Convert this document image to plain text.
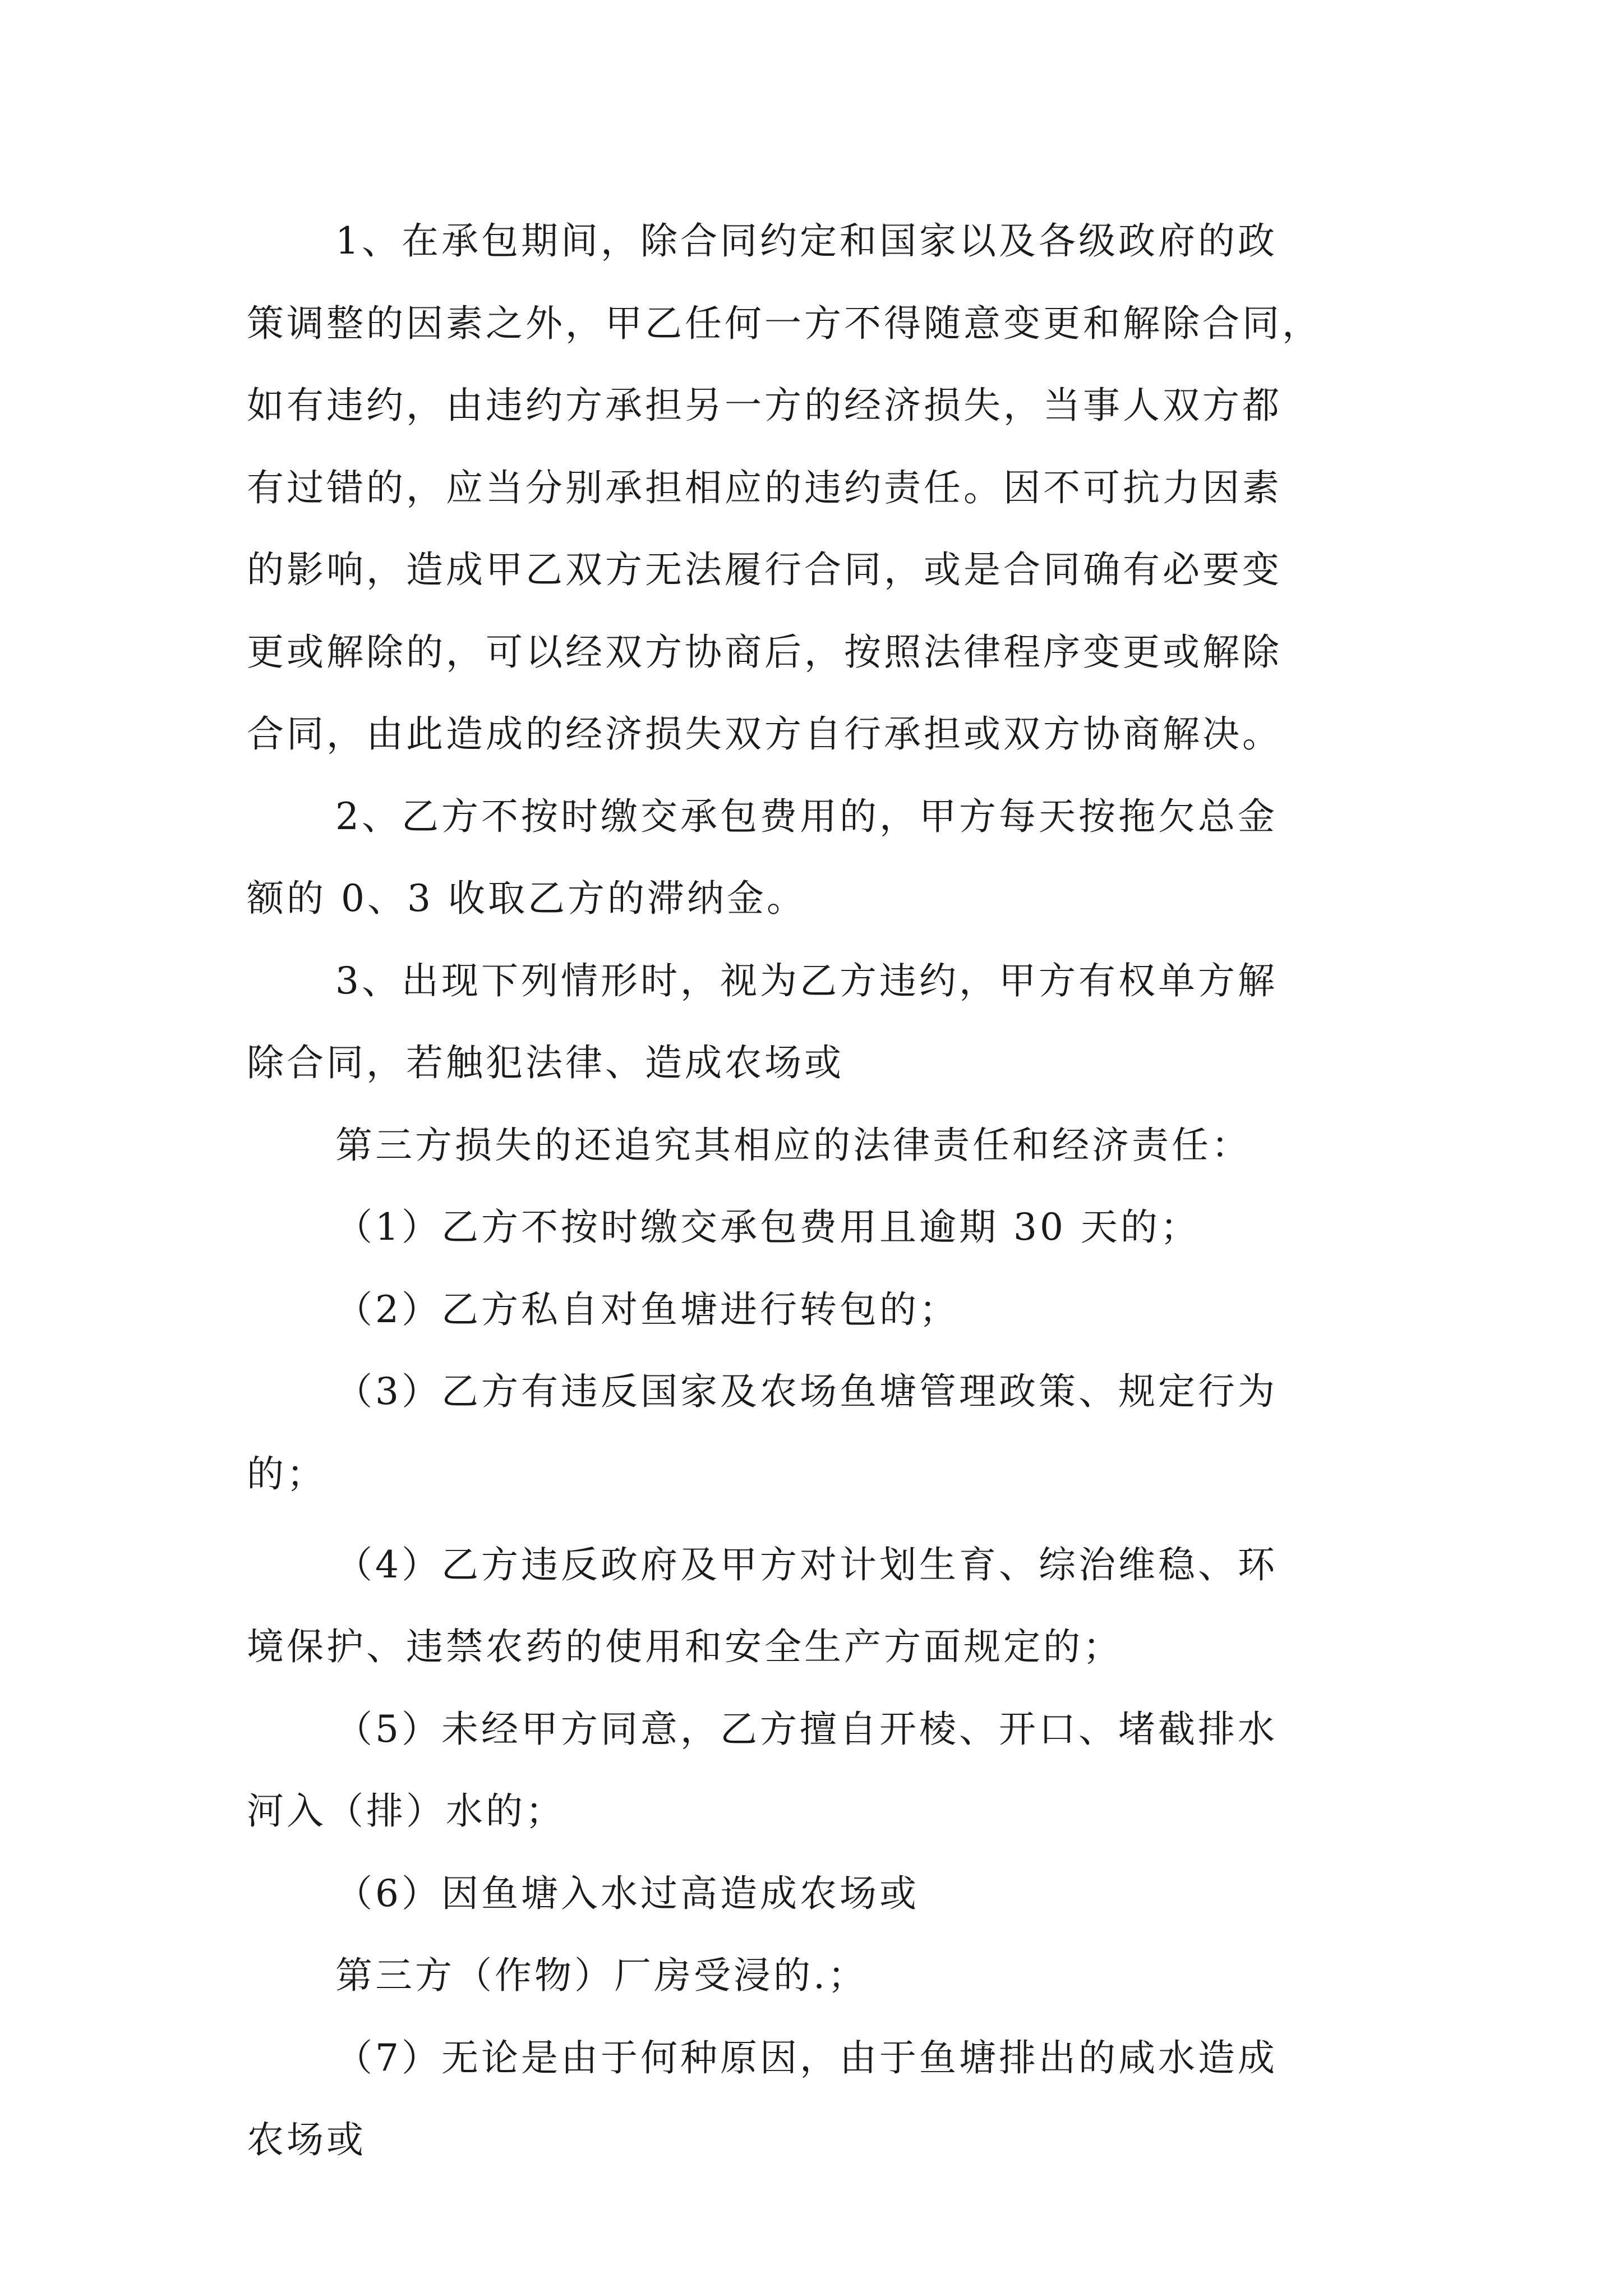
1、在承包期间，除合同约定和国家以及各级政府的政
策调整的因素之外，甲乙任何一方不得随意变更和解除合同，
如有违约，由违约方承担另一方的经济损失，当事人双方都
有过错的，应当分别承担相应的违约责任。因不可抗力因素
的影响，造成甲乙双方无法履行合同，或是合同确有必要变
更或解除的，可以经双方协商后，按照法律程序变更或解除
合同，由此造成的经济损失双方自行承担或双方协商解决。
2、乙方不按时缴交承包费用的，甲方每天按拖欠总金
额的 0、3 收取乙方的滞纳金。
3、出现下列情形时，视为乙方违约，甲方有权单方解
除合同，若触犯法律、造成农场或
第三方损失的还追究其相应的法律责任和经济责任：
（1）乙方不按时缴交承包费用且逾期 30 天的；
（2）乙方私自对鱼塘进行转包的；
（3）乙方有违反国家及农场鱼塘管理政策、规定行为
的；
（4）乙方违反政府及甲方对计划生育、综治维稳、环
境保护、违禁农药的使用和安全生产方面规定的；
（5）未经甲方同意，乙方擅自开棱、开口、堵截排水
河入（排）水的；
（6）因鱼塘入水过高造成农场或
第三方（作物）厂房受浸的.；
（7）无论是由于何种原因，由于鱼塘排出的咸水造成
农场或
